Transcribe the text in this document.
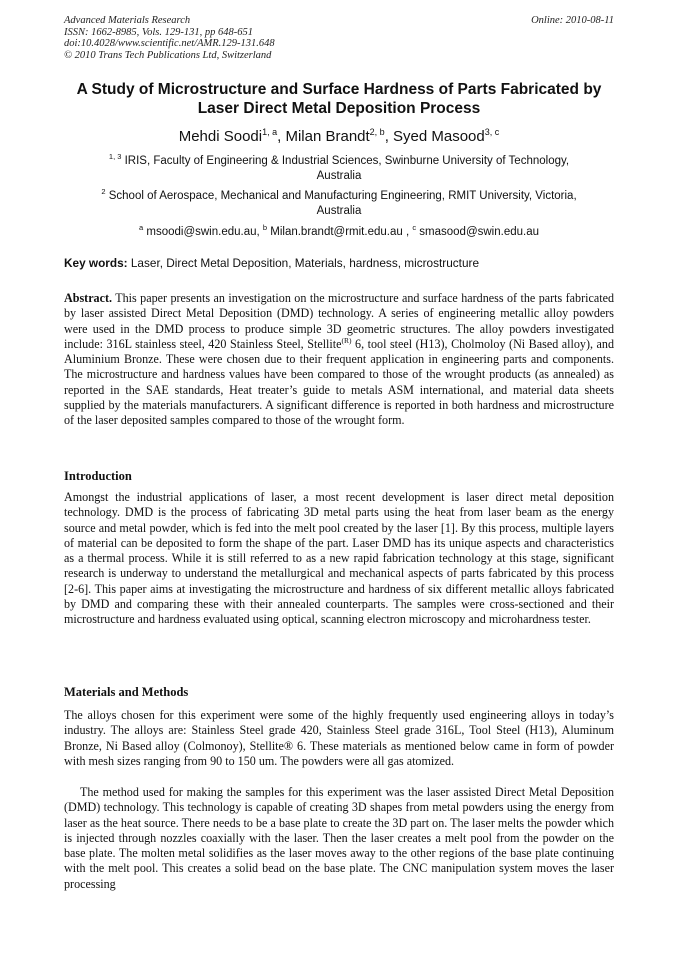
Advanced Materials Research
ISSN: 1662-8985, Vols. 129-131, pp 648-651
doi:10.4028/www.scientific.net/AMR.129-131.648
© 2010 Trans Tech Publications Ltd, Switzerland
Online: 2010-08-11
A Study of Microstructure and Surface Hardness of Parts Fabricated by
Laser Direct Metal Deposition Process
Mehdi Soodi$^{1, a}$, Milan Brandt$^{2, b}$, Syed Masood$^{3, c}$
$^{1, 3}$ IRIS, Faculty of Engineering & Industrial Sciences, Swinburne University of Technology,
Australia
$^2$ School of Aerospace, Mechanical and Manufacturing Engineering, RMIT University, Victoria,
Australia
$^a$ msoodi@swin.edu.au, $^b$ Milan.brandt@rmit.edu.au , $^c$ smasood@swin.edu.au
Key words: Laser, Direct Metal Deposition, Materials, hardness, microstructure
Abstract. This paper presents an investigation on the microstructure and surface hardness of the parts fabricated by laser assisted Direct Metal Deposition (DMD) technology. A series of engineering metallic alloy powders were used in the DMD process to produce simple 3D geometric structures. The alloy powders investigated include: 316L stainless steel, 420 Stainless Steel, Stellite$^{(R)}$ 6, tool steel (H13), Cholmoloy (Ni Based alloy), and Aluminium Bronze. These were chosen due to their frequent application in engineering parts and components. The microstructure and hardness values have been compared to those of the wrought products (as annealed) as reported in the SAE standards, Heat treater’s guide to metals ASM international, and material data sheets supplied by the materials manufacturers. A significant difference is reported in both hardness and microstructure of the laser deposited samples compared to those of the wrought form.
Introduction
Amongst the industrial applications of laser, a most recent development is laser direct metal deposition technology. DMD is the process of fabricating 3D metal parts using the heat from laser beam as the energy source and metal powder, which is fed into the melt pool created by the laser [1]. By this process, multiple layers of material can be deposited to form the shape of the part. Laser DMD has its unique aspects and characteristics as a thermal process. While it is still referred to as a new rapid fabrication technology at this stage, significant research is underway to understand the metallurgical and mechanical aspects of parts fabricated by this process [2-6]. This paper aims at investigating the microstructure and hardness of six different metallic alloys fabricated by DMD and comparing these with their annealed counterparts. The samples were cross-sectioned and their microstructure and hardness evaluated using optical, scanning electron microscopy and microhardness tester.
Materials and Methods
The alloys chosen for this experiment were some of the highly frequently used engineering alloys in today’s industry. The alloys are: Stainless Steel grade 420, Stainless Steel grade 316L, Tool Steel (H13), Aluminum Bronze, Ni Based alloy (Colmonoy), Stellite® 6. These materials as mentioned below came in form of powder with mesh sizes ranging from 90 to 150 um. The powders were all gas atomized.
The method used for making the samples for this experiment was the laser assisted Direct Metal Deposition (DMD) technology. This technology is capable of creating 3D shapes from metal powders using the energy from laser as the heat source. There needs to be a base plate to create the 3D part on. The laser melts the powder which is injected through nozzles coaxially with the laser. Then the laser creates a melt pool from the powder on the base plate. The molten metal solidifies as the laser moves away to the other regions of the base plate continuing with the melt pool. This creates a solid bead on the base plate. The CNC manipulation system moves the laser processing
